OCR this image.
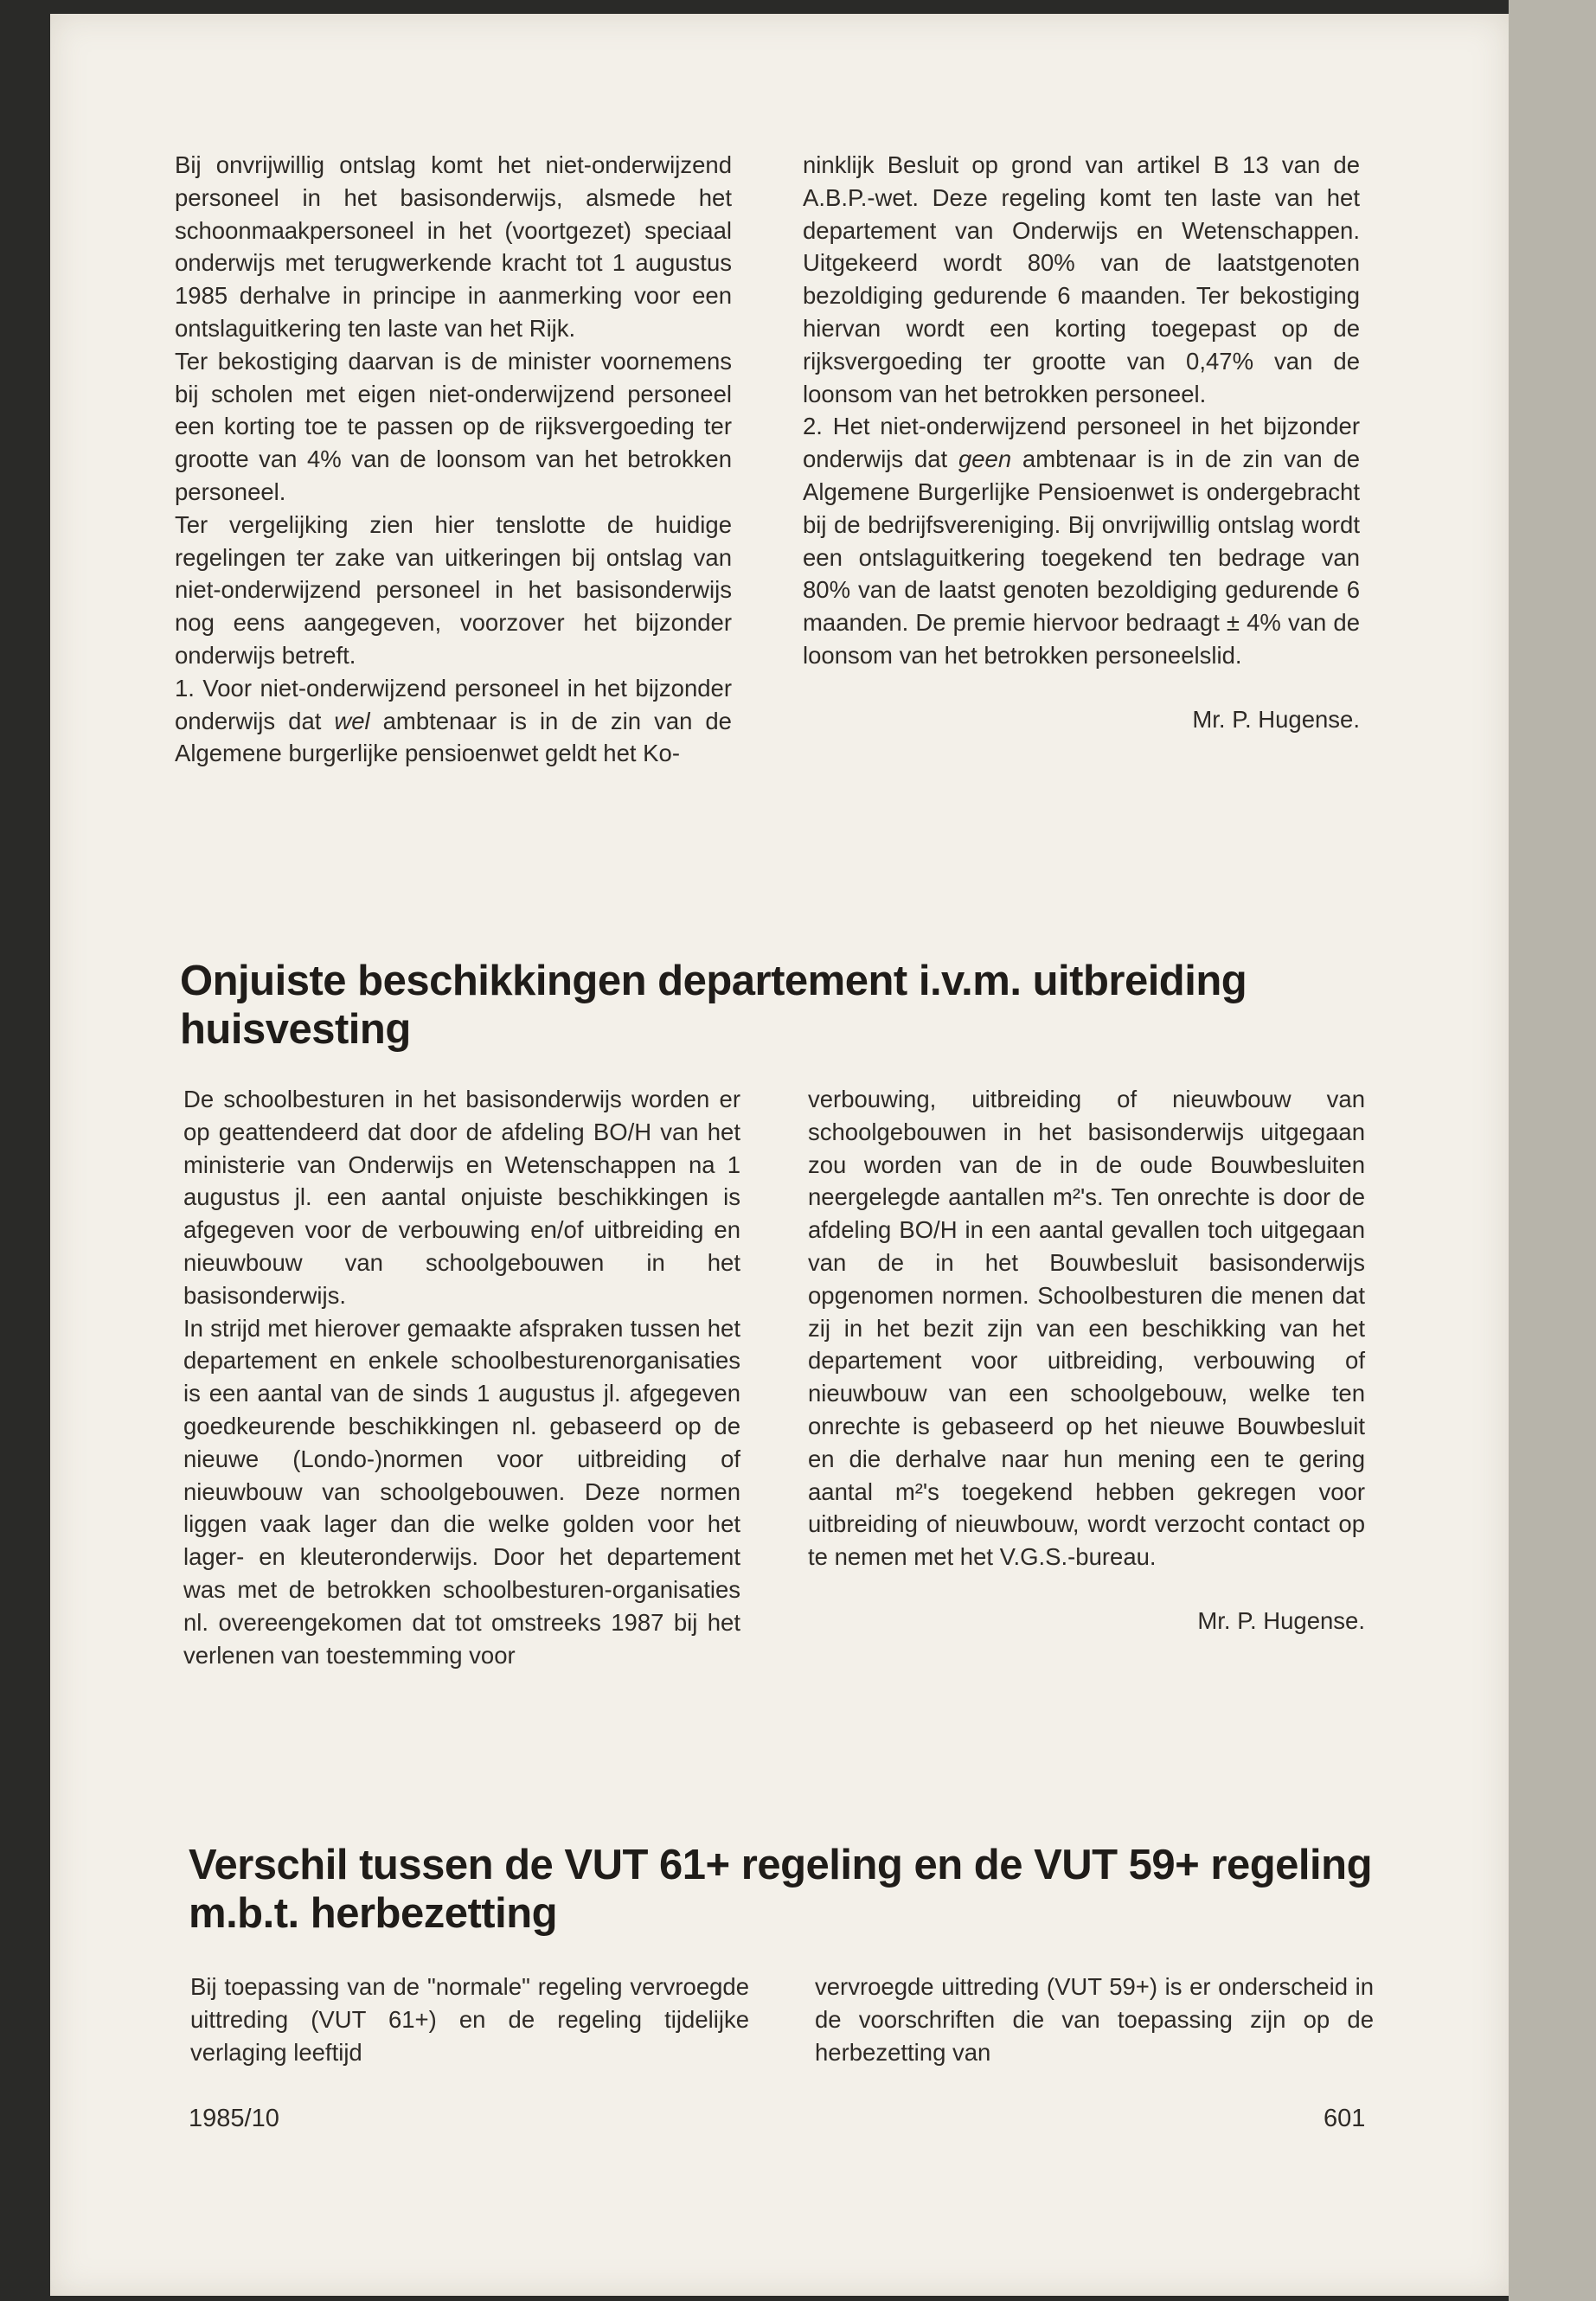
Bij onvrijwillig ontslag komt het niet-onderwijzend personeel in het basisonderwijs, alsmede het schoonmaakpersoneel in het (voortgezet) speciaal onderwijs met terugwerkende kracht tot 1 augustus 1985 derhalve in principe in aanmerking voor een ontslaguitkering ten laste van het Rijk.

Ter bekostiging daarvan is de minister voornemens bij scholen met eigen niet-onderwijzend personeel een korting toe te passen op de rijksvergoeding ter grootte van 4% van de loonsom van het betrokken personeel.

Ter vergelijking zien hier tenslotte de huidige regelingen ter zake van uitkeringen bij ontslag van niet-onderwijzend personeel in het basisonderwijs nog eens aangegeven, voorzover het bijzonder onderwijs betreft.

1. Voor niet-onderwijzend personeel in het bijzonder onderwijs dat wel ambtenaar is in de zin van de Algemene burgerlijke pensioenwet geldt het Ko-

ninklijk Besluit op grond van artikel B 13 van de A.B.P.-wet. Deze regeling komt ten laste van het departement van Onderwijs en Wetenschappen. Uitgekeerd wordt 80% van de laatstgenoten bezoldiging gedurende 6 maanden. Ter bekostiging hiervan wordt een korting toegepast op de rijksvergoeding ter grootte van 0,47% van de loonsom van het betrokken personeel.

2. Het niet-onderwijzend personeel in het bijzonder onderwijs dat geen ambtenaar is in de zin van de Algemene Burgerlijke Pensioenwet is ondergebracht bij de bedrijfsvereniging. Bij onvrijwillig ontslag wordt een ontslaguitkering toegekend ten bedrage van 80% van de laatst genoten bezoldiging gedurende 6 maanden. De premie hiervoor bedraagt ± 4% van de loonsom van het betrokken personeelslid.

Mr. P. Hugense.

Onjuiste beschikkingen departement i.v.m. uitbreiding huisvesting

De schoolbesturen in het basisonderwijs worden er op geattendeerd dat door de afdeling BO/H van het ministerie van Onderwijs en Wetenschappen na 1 augustus jl. een aantal onjuiste beschikkingen is afgegeven voor de verbouwing en/of uitbreiding en nieuwbouw van schoolgebouwen in het basisonderwijs.

In strijd met hierover gemaakte afspraken tussen het departement en enkele schoolbesturenorganisaties is een aantal van de sinds 1 augustus jl. afgegeven goedkeurende beschikkingen nl. gebaseerd op de nieuwe (Londo-)normen voor uitbreiding of nieuwbouw van schoolgebouwen. Deze normen liggen vaak lager dan die welke golden voor het lager- en kleuteronderwijs. Door het departement was met de betrokken schoolbesturen-organisaties nl. overeengekomen dat tot omstreeks 1987 bij het verlenen van toestemming voor

verbouwing, uitbreiding of nieuwbouw van schoolgebouwen in het basisonderwijs uitgegaan zou worden van de in de oude Bouwbesluiten neergelegde aantallen m²'s. Ten onrechte is door de afdeling BO/H in een aantal gevallen toch uitgegaan van de in het Bouwbesluit basisonderwijs opgenomen normen. Schoolbesturen die menen dat zij in het bezit zijn van een beschikking van het departement voor uitbreiding, verbouwing of nieuwbouw van een schoolgebouw, welke ten onrechte is gebaseerd op het nieuwe Bouwbesluit en die derhalve naar hun mening een te gering aantal m²'s toegekend hebben gekregen voor uitbreiding of nieuwbouw, wordt verzocht contact op te nemen met het V.G.S.-bureau.

Mr. P. Hugense.

Verschil tussen de VUT 61+ regeling en de VUT 59+ regeling m.b.t. herbezetting

Bij toepassing van de "normale" regeling vervroegde uittreding (VUT 61+) en de regeling tijdelijke verlaging leeftijd

vervroegde uittreding (VUT 59+) is er onderscheid in de voorschriften die van toepassing zijn op de herbezetting van

1985/10	601
